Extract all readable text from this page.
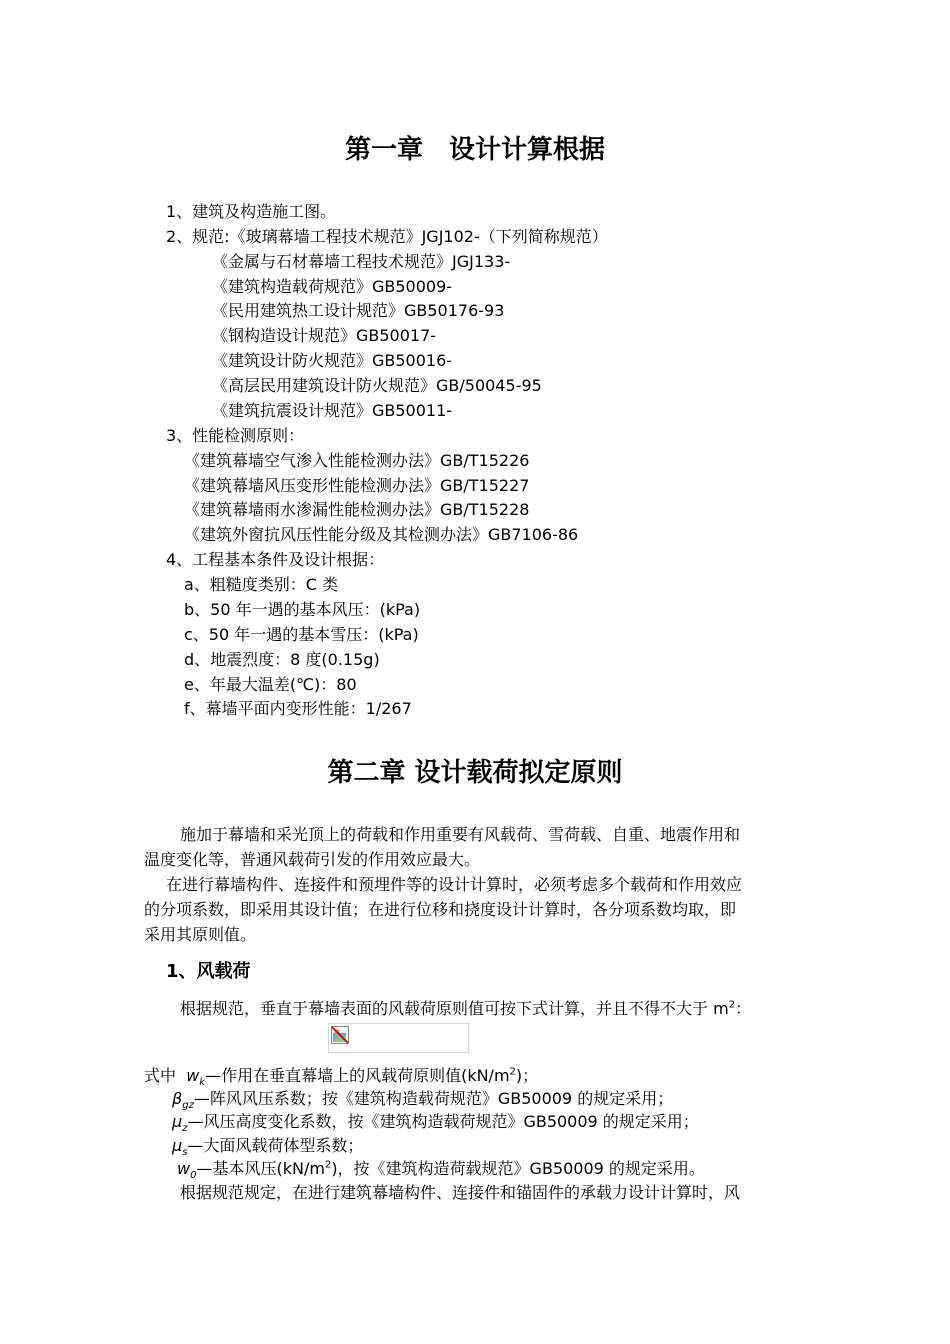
第一章　设计计算根据
1、建筑及构造施工图。
2、规范:《玻璃幕墙工程技术规范》JGJ102-（下列简称规范）
《金属与石材幕墙工程技术规范》JGJ133-
《建筑构造载荷规范》GB50009-
《民用建筑热工设计规范》GB50176-93
《钢构造设计规范》GB50017-
《建筑设计防火规范》GB50016-
《高层民用建筑设计防火规范》GB/50045-95
《建筑抗震设计规范》GB50011-
3、性能检测原则：
《建筑幕墙空气渗入性能检测办法》GB/T15226
《建筑幕墙风压变形性能检测办法》GB/T15227
《建筑幕墙雨水渗漏性能检测办法》GB/T15228
《建筑外窗抗风压性能分级及其检测办法》GB7106-86
4、工程基本条件及设计根据：
a、粗糙度类别：C 类
b、50 年一遇的基本风压：(kPa)
c、50 年一遇的基本雪压：(kPa)
d、地震烈度：8 度(0.15g)
e、年最大温差(℃)：80
f、幕墙平面内变形性能：1/267
第二章 设计载荷拟定原则
施加于幕墙和采光顶上的荷载和作用重要有风载荷、雪荷载、自重、地震作用和
温度变化等，普通风载荷引发的作用效应最大。
在进行幕墙构件、连接件和预埋件等的设计计算时，必须考虑多个载荷和作用效应
的分项系数，即采用其设计值；在进行位移和挠度设计计算时，各分项系数均取，即
采用其原则值。
1、风载荷
根据规范，垂直于幕墙表面的风载荷原则值可按下式计算，并且不得不大于 $m^2$：
式中 $w_k—$作用在垂直幕墙上的风载荷原则值$(kN/m^2)$；
$\beta_{gz}—$阵风风压系数；按《建筑构造载荷规范》GB50009 的规定采用；
$\mu_z—$风压高度变化系数，按《建筑构造载荷规范》GB50009 的规定采用；
$\mu_s—$大面风载荷体型系数；
$w_0—$基本风压$(kN/m^2)$，按《建筑构造荷载规范》GB50009 的规定采用。
根据规范规定，在进行建筑幕墙构件、连接件和锚固件的承载力设计计算时，风
